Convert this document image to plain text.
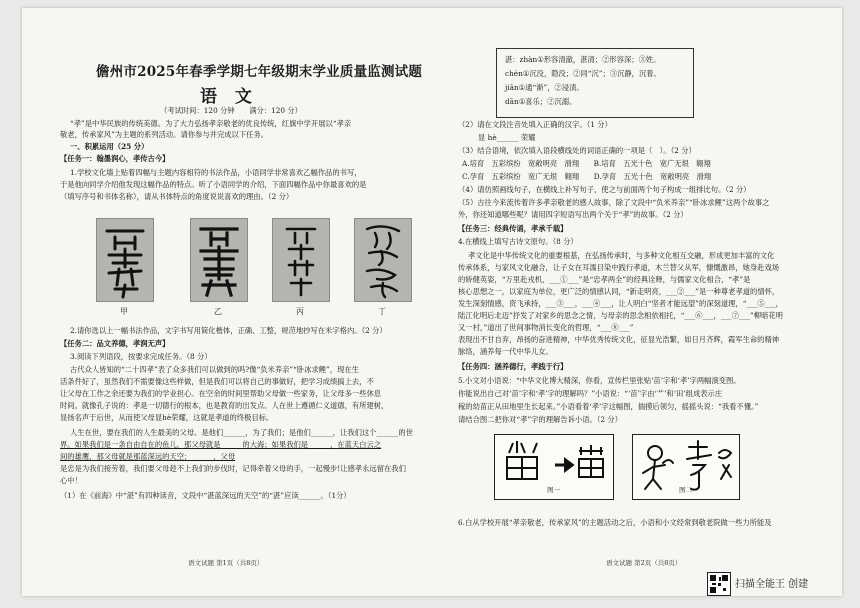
儋州市2025年春季学期七年级期末学业质量监测试题
语 文
（考试时间：120 分钟　　满分：120 分）
“孝”是中华民族的传统美德。为了大力弘扬孝亲敬老的优良传统，红旗中学开展以“孝亲
敬老，传承家风”为主题的系列活动。请你参与并完成以下任务。
一、积累运用（25 分）
【任务一：翰墨润心，孝传古今】
1.学校文化墙上贴着四幅与主题内容相符的书法作品，小语同学非常喜欢乙幅作品的书写，
于是他向同学介绍他发现这幅作品的特点。听了小语同学的介绍，下面四幅作品中你最喜欢的是
（填写序号和书体名称），请从书体特点的角度说说喜欢的理由。（2 分）
甲	乙	丙	丁
2.请你选以上一幅书法作品，文字书写用简化楷体，正确、工整，规范地抄写在米字格内。（2 分）
【任务二：品文养德，孝润无声】
3.阅读下列语段，按要求完成任务。（8 分）
古代众人皆知的“二十四孝”表了众多我们可以做到的吗?像“负米养亲”“卧冰求鲤”，现在生
活条件好了，虽然我们不需要像这些样做，但是我们可以将自己的事做好，把学习成绩搞上去，不
让父母在工作之余还要为我们的学业担心。在空余的时间里帮助父母做一些家务，让父母多一些休息
时间。就像孔子说的：孝是一切德行的根本，也是教育的出发点。人在世上遵循仁义道德，有所建树，
显扬名声于后世，从而使父母显hè荣耀，这就是孝道的终极目标。
人生在世，要在我们的人生最美的父母。是他们______，为了我们；是他们______，让我们这个______的世
界。如果我们是一条自由自在的鱼儿，那父母就是______的大海；如果我们是______，在蓝天白云之
间的雄鹰，那父母就是那蓝深远的天空；______，父母
是忠是为我们接劳着，我们要父母趁不上我们的步伐时，记得牵着父母的手，一起慢步!让感孝永远留在我们
心中！
（1）在《前海》中“湛”有四种读音，文段中“湛蓝深远的天空”的“湛”应读______。（1分）
语文试题 第1页（共8页）
湛：zhàn①形容清澈，湛清；②形容深；③姓。
chén①沉没，隐没；②同“沉”；③沉静，沉着。
jiān①通“渐”，②浸渍。
dān①喜乐；②沉溺。
（2）请在文段注音处填入正确的汉字。（1 分）
显 hè______ 荣耀
（3）结合语境，依次填入语段横线处的词语正确的一项是（　）。（2 分）
A.培育　五彩缤纷　宽敞明亮　滑翔　　B.培育　五光十色　宽广无垠　翱翔
C.孕育　五彩缤纷　宽广无垠　翱翔　　D.孕育　五光十色　宽敞明亮　滑翔
（4）请仿照画线句子，在横线上补写句子，使之与前面两个句子构成一组排比句。（2 分）
（5）古往今来流传着许多孝亲敬老的感人故事，除了文段中“负米养亲”“卧冰求鲤”这两个故事之
外，你还知道哪些呢？请用四字短语写出两个关于“孝”的故事。（2 分）
【任务三：经典传诵，孝承千载】
4.在横线上填写古诗文原句。（8 分）
孝文化是中华传统文化的重要根基，在弘扬传承时，与多种文化相互交融，形成更加丰富的文化
传承体系，与家风文化融合，让子女在耳濡目染中践行孝道，木兰替父从军，慷慨激昂，她身赴戏场
的矫健英姿，“万里赴戎机，___①___”是“忠孝两全”的经典诠释，与儒家文化相合，“孝”是
核心思想之一，以家庭为单位，更广泛的情感认同，“新走明亮，___②___”是一种尊老孝道的情怀，
发生深刻情感，资飞承持，___③___，___④___，让人明白“坚者才能远望”的深刻道理，“___⑤___，
陆江化明后北迈”抒发了对家乡的思念之情，与母亲的思念相依相托，“___⑥___，___⑦___”柳暗花明
又一村，”道出了世间事物消长变化的哲理，“___⑧___”
表现出不甘自弃，昂扬的奋进精神，中华优秀传统文化，征显光浩繁，如日月齐辉，霞军生命的精神
脉络，涵养每一代中华儿女。
【任务四：涵养德行，孝践于行】
5.小文对小语说：“中华文化博大精深，你看，宣传栏里张贴‘苗’字和‘孝’字两幅演变图。
你能说出自己对‘苗’字和‘孝’字的理解吗？”小语说：“‘苗’字由‘艹’和‘田’组成表示庄
稼的幼苗正从田地里生长起来。”小语看着‘孝’字这幅图，揣摸后领匀，摇摇头说：“我看不懂。”
请结合图二把你对“孝”字的理解告诉小语。（2 分）
图一	图二
6.白从学校开展“孝亲敬老，传承家风”的主题活动之后，小语和小文经常到敬老院做一些力所能及
语文试题 第2页（共8页）
扫描全能王 创建
